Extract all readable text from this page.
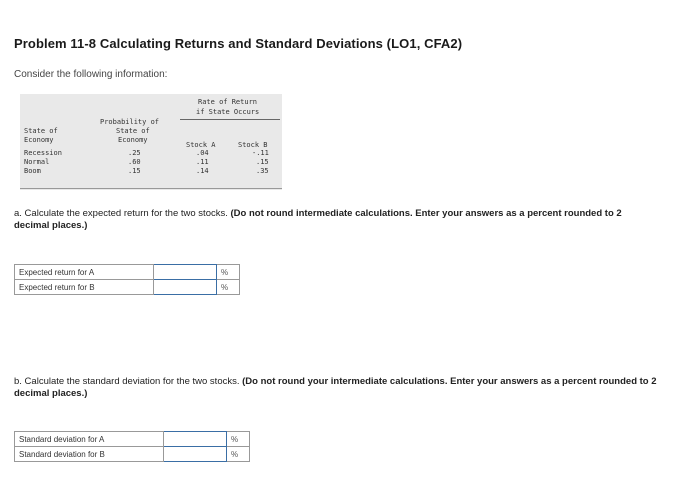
Problem 11-8 Calculating Returns and Standard Deviations (LO1, CFA2)
Consider the following information:
Rate of Return
if State Occurs
Probability of
State of
Economy
State of
Economy
Stock A	Stock B
Recession	.25	.04	-.11
Normal	.60	.11	.15
Boom	.15	.14	.35
a. Calculate the expected return for the two stocks. (Do not round intermediate calculations. Enter your answers as a percent rounded to 2 decimal places.)
Expected return for A		%
Expected return for B		%
b. Calculate the standard deviation for the two stocks. (Do not round your intermediate calculations. Enter your answers as a percent rounded to 2 decimal places.)
Standard deviation for A		%
Standard deviation for B		%
